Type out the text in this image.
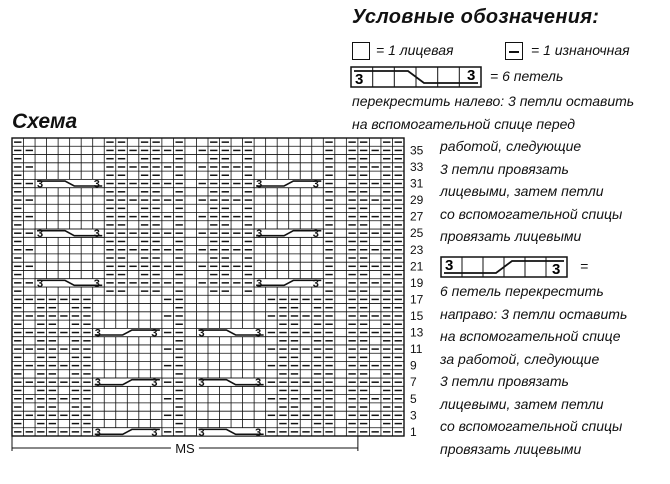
Условные обозначения:
= 1 лицевая	= 1 изнаночная
3	3 = 6 петель
перекрестить налево: 3 петли оставить
на вспомогательной спице перед
работой, следующие
3 петли провязать
лицевыми, затем петли
со вспомогательной спицы
провязать лицевыми
3	3 =
6 петель перекрестить
направо: 3 петли оставить
на вспомогательной спице
за работой, следующие
3 петли провязать
лицевыми, затем петли
со вспомогательной спицы
провязать лицевыми
Схема
3	3
3	3
3	3
3	3
3	3
3	3
3	3
3	3
3	3
3	3
3	3
3	3	1
3
5
7
9
11
13
15
17
19
21
23
25
27
29
31
33
35
MS
